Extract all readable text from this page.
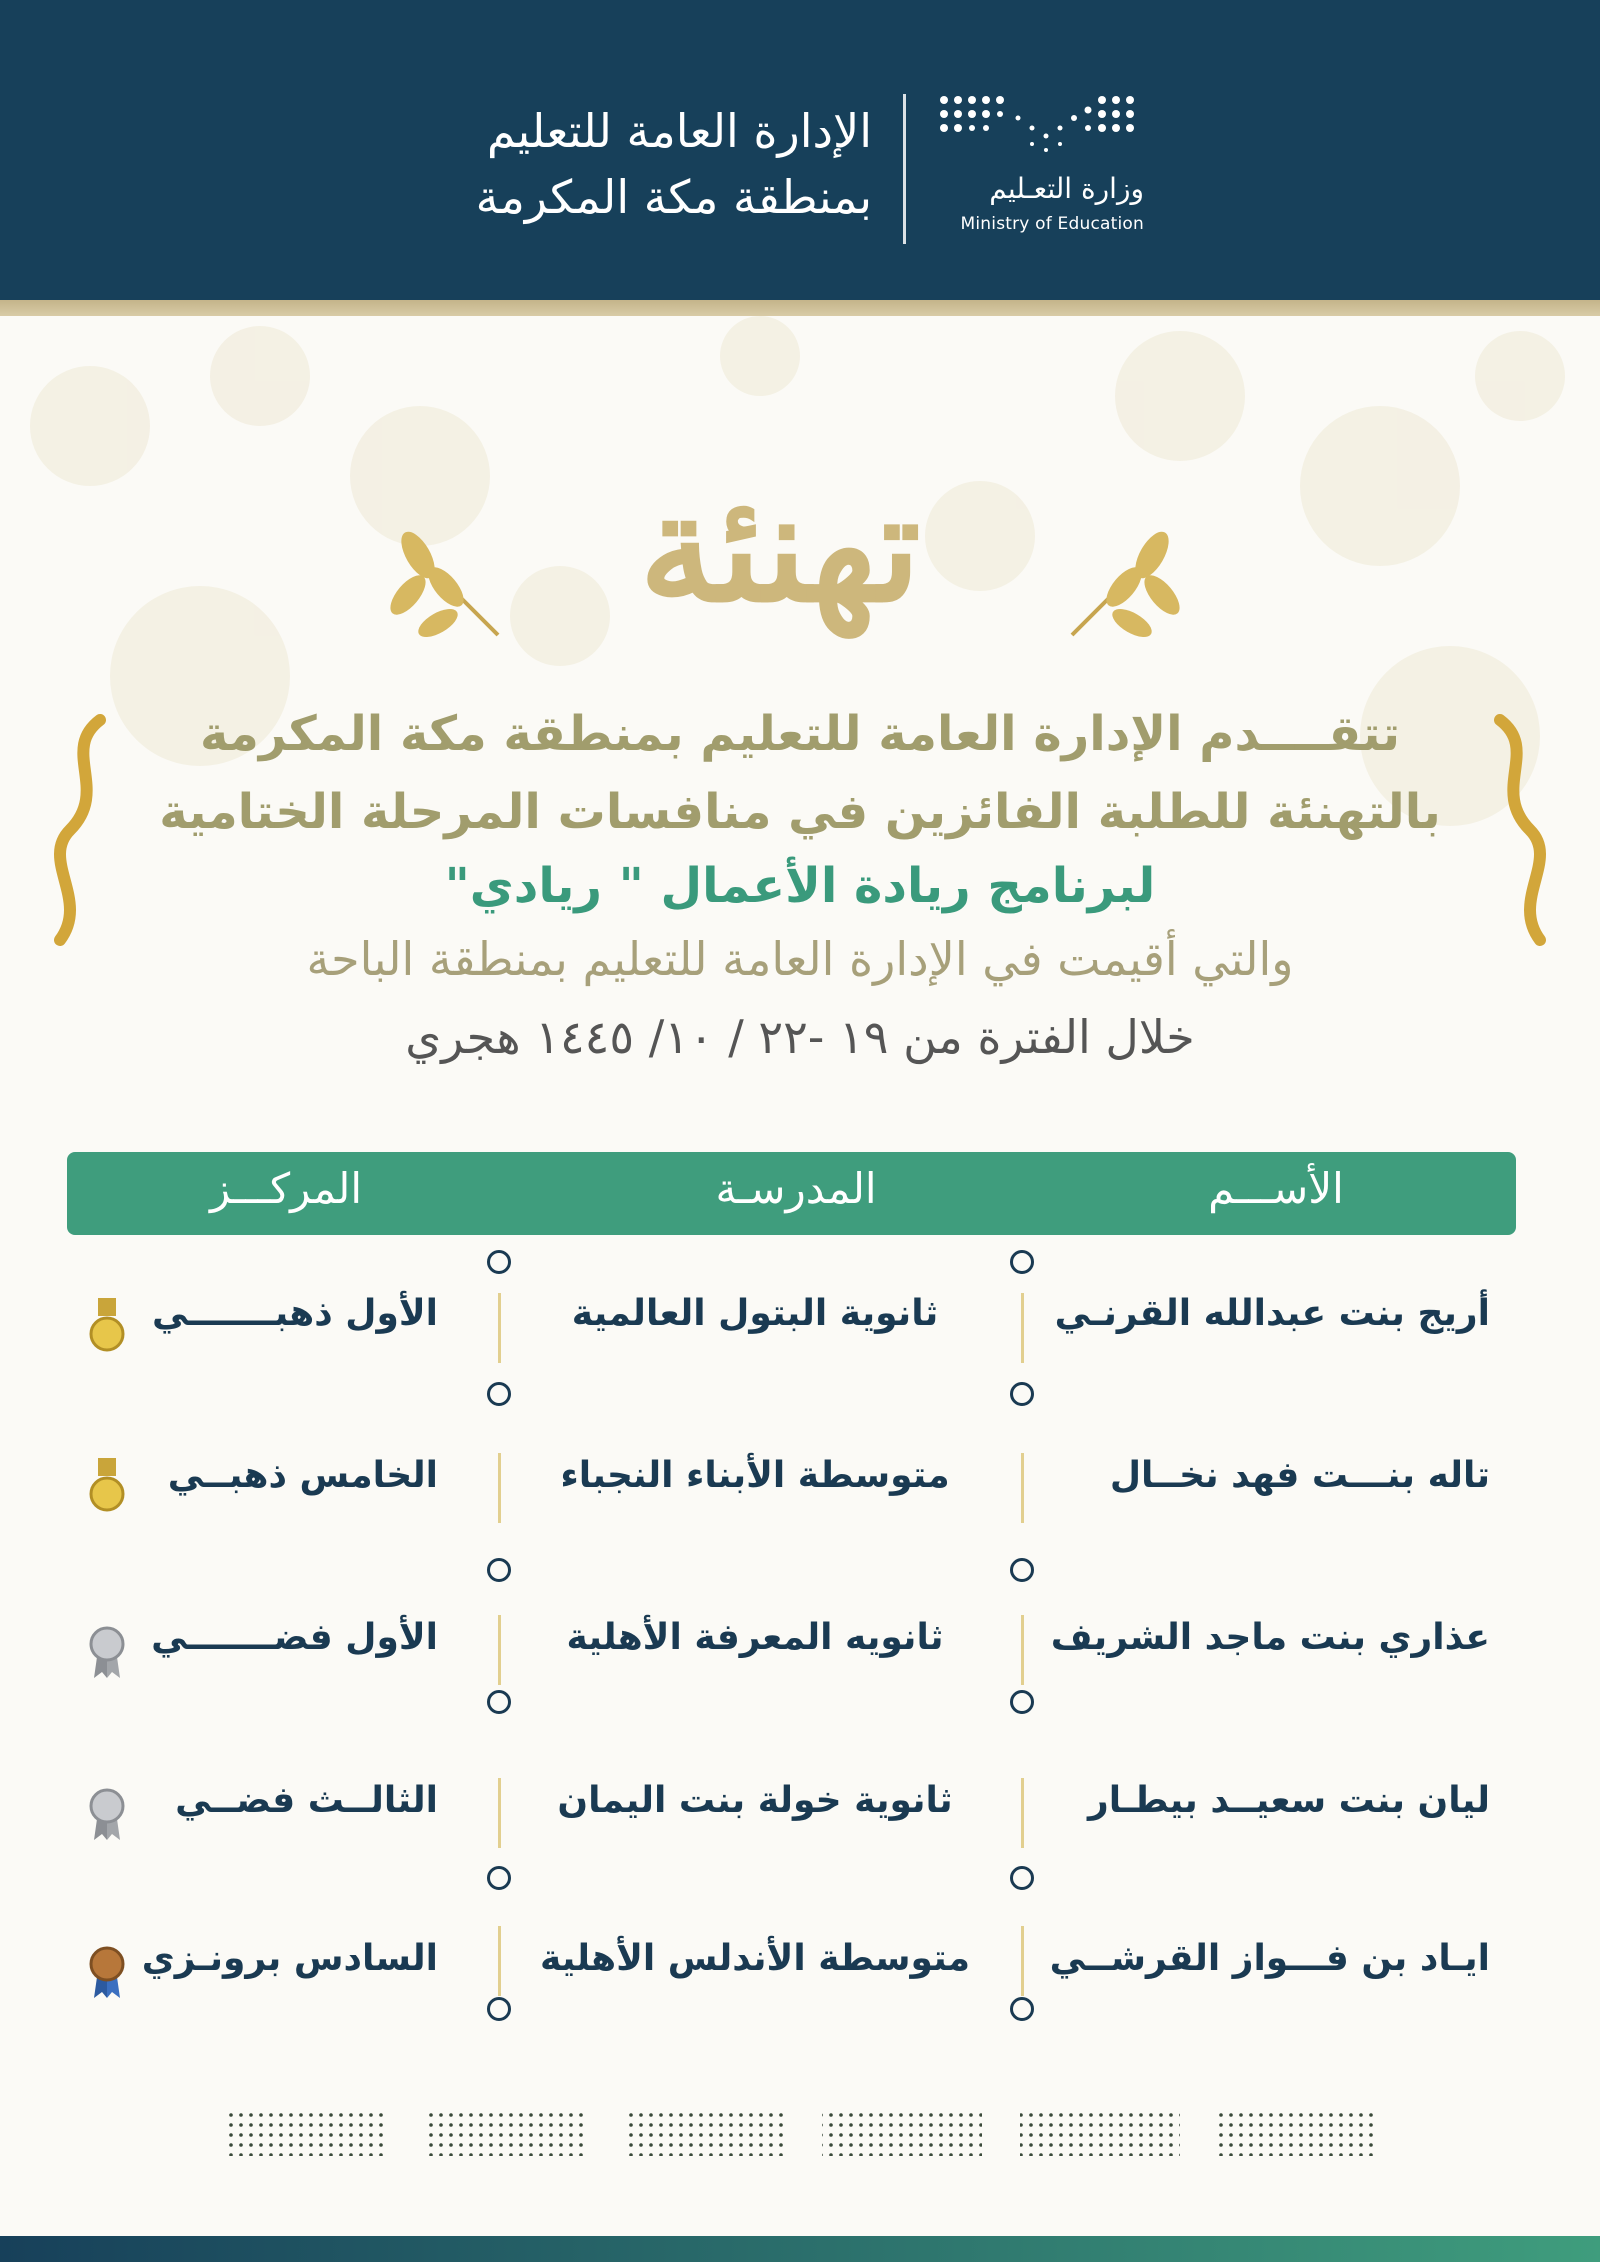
الإدارة العامة للتعليم
بمنطقة مكة المكرمة	وزارة التعـليم
Ministry of Education
تهنئة
تتقــــدم الإدارة العامة للتعليم بمنطقة مكة المكرمة
بالتهنئة للطلبة الفائزين في منافسات المرحلة الختامية
لبرنامج ريادة الأعمال " ريادي"
والتي أقيمت في الإدارة العامة للتعليم بمنطقة الباحة
خلال الفترة من ١٩ -٢٢ / ١٠/ ١٤٤٥ هجري
الأســـم
المدرسـة
المركـــز
أريج بنت عبدالله القرنـي
ثانوية البتول العالمية
الأول ذهبـــــــي
تاله بنـــت فهد نخــال
متوسطة الأبناء النجباء
الخامس ذهبــي
عذاري بنت ماجد الشريف
ثانويه المعرفة الأهلية
الأول فضـــــــي
ليان بنت سعيــد بيطـار
ثانوية خولة بنت اليمان
الثالــث فضــي
ايـاد بن فـــواز القرشــي
متوسطة الأندلس الأهلية
السادس برونـزي
